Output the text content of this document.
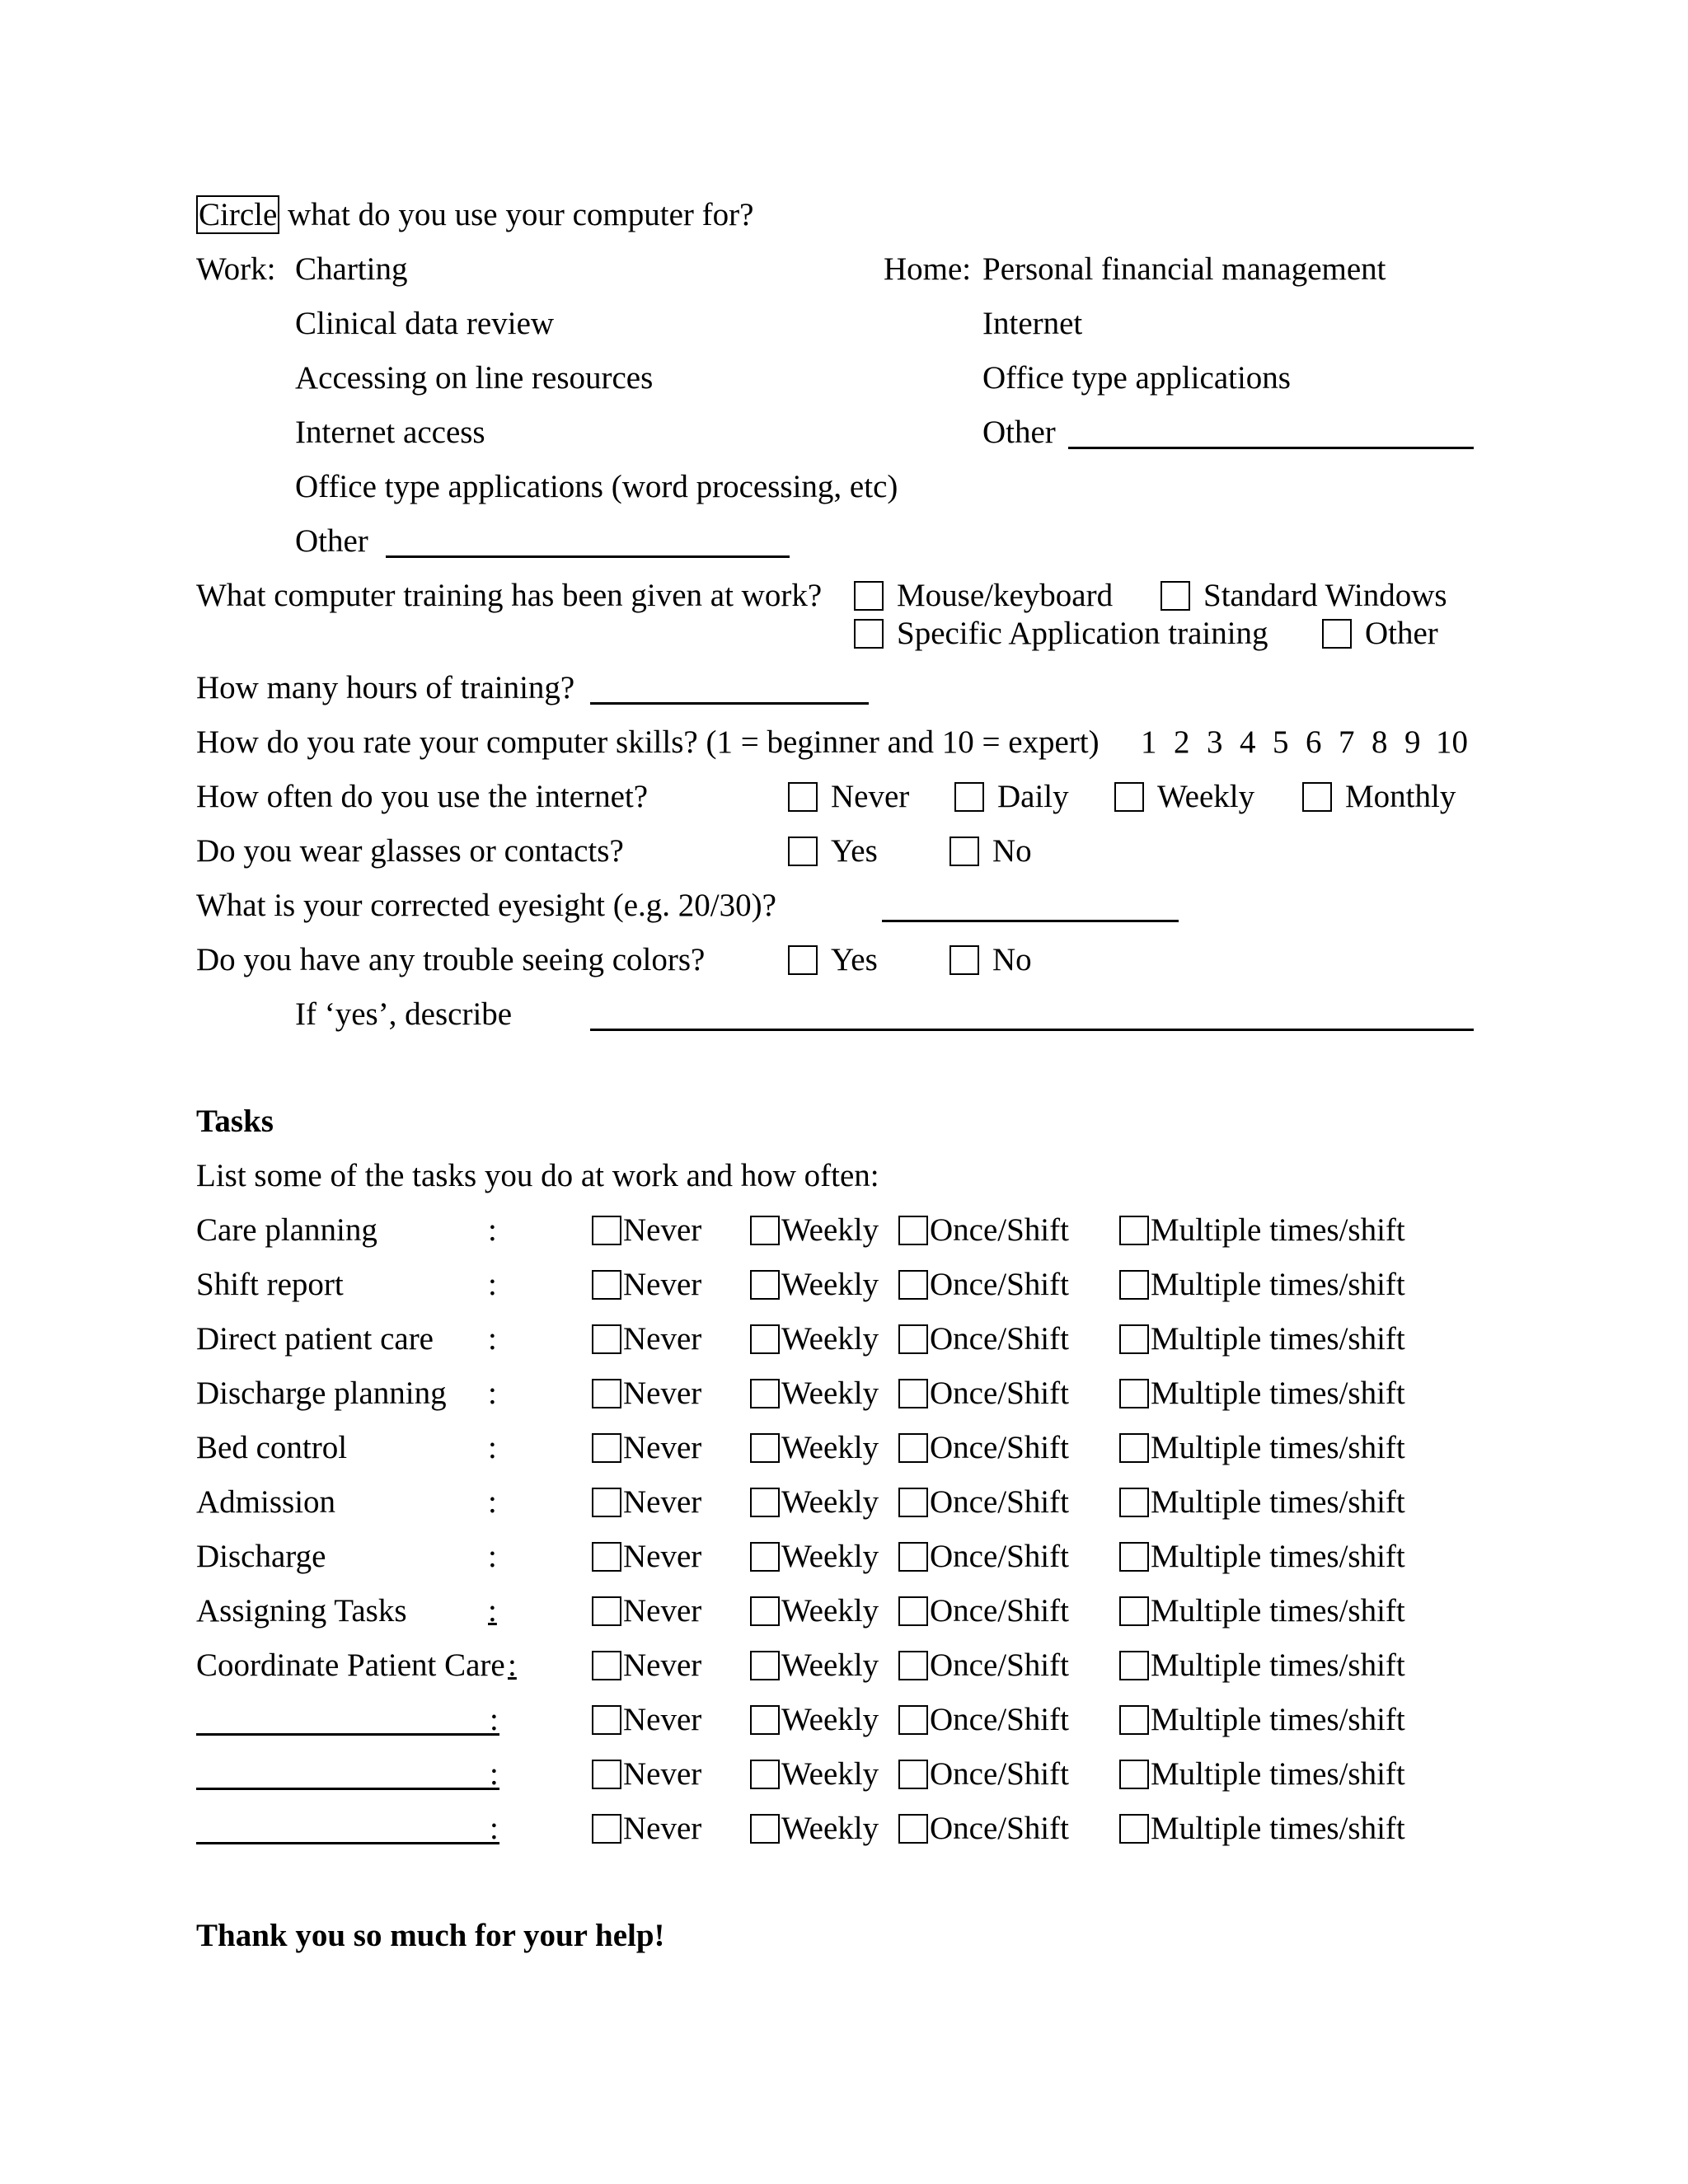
Circle what do you use your computer for?
Work: Charting
Clinical data review
Accessing on line resources
Internet access
Office type applications (word processing, etc)
Other
Home: Personal financial management
Internet
Office type applications
Other
What computer training has been given at work? Mouse/keyboard	Standard Windows
Specific Application training	Other
How many hours of training?
How do you rate your computer skills? (1 = beginner and 10 = expert) 1 2 3 4 5 6 7 8 9 10
How often do you use the internet?	Never	Daily	Weekly	Monthly
Do you wear glasses or contacts?	Yes	No
What is your corrected eyesight (e.g. 20/30)?
Do you have any trouble seeing colors?	Yes	No
If ‘yes’, describe
Tasks
List some of the tasks you do at work and how often:
Care planning	:	Never Weekly Once/Shift	Multiple times/shift
Shift report	:	Never Weekly Once/Shift	Multiple times/shift
Direct patient care :	Never Weekly Once/Shift	Multiple times/shift
Discharge planning :	Never Weekly Once/Shift	Multiple times/shift
Bed control	:	Never Weekly Once/Shift	Multiple times/shift
Admission	:	Never Weekly Once/Shift	Multiple times/shift
Discharge	:	Never Weekly Once/Shift	Multiple times/shift
Assigning Tasks	:	Never Weekly Once/Shift	Multiple times/shift
Coordinate Patient Care :	Never Weekly Once/Shift	Multiple times/shift
:	Never Weekly Once/Shift	Multiple times/shift
:	Never Weekly Once/Shift	Multiple times/shift
:	Never Weekly Once/Shift	Multiple times/shift
Thank you so much for your help!
